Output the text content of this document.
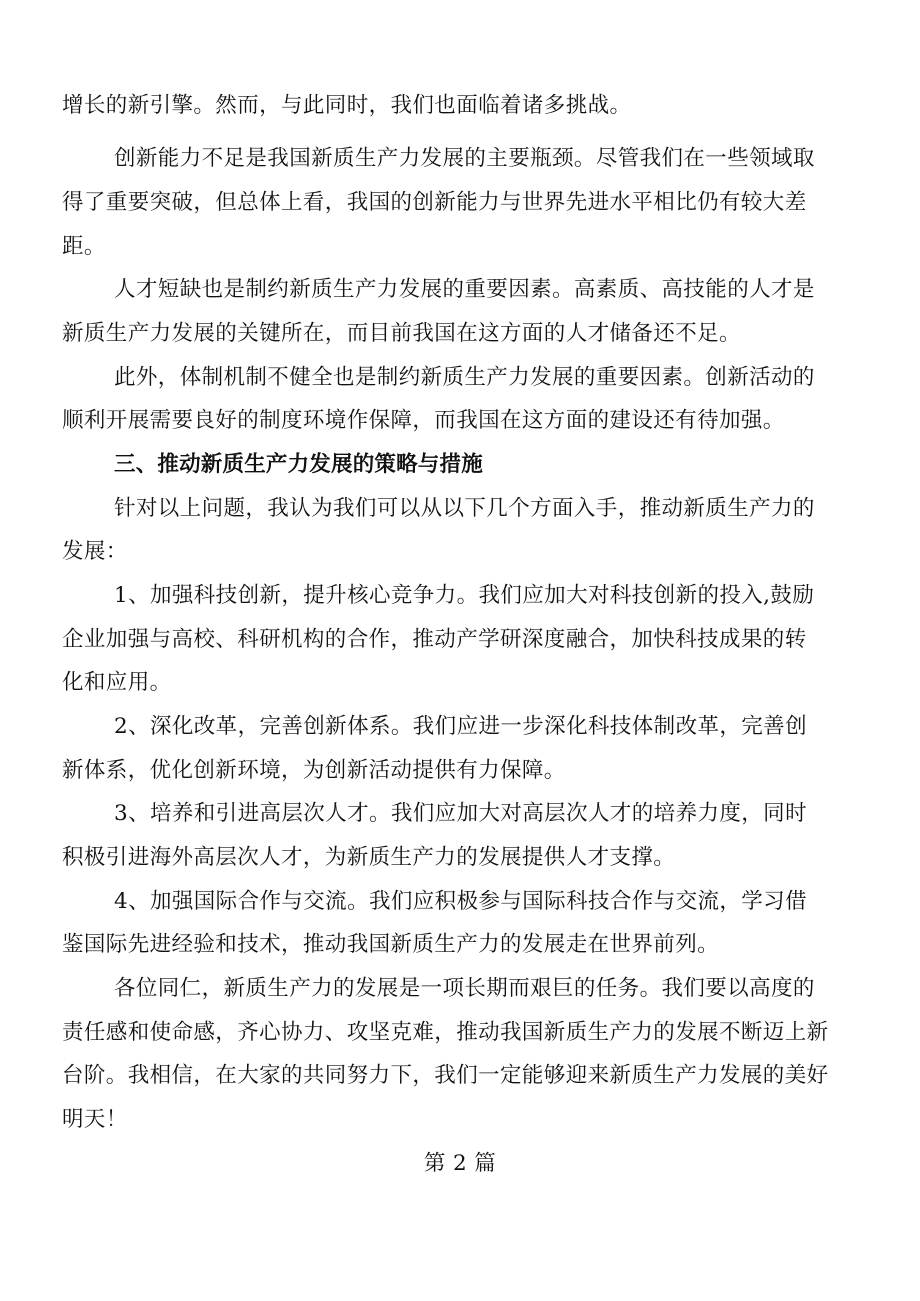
增长的新引擎。然而，与此同时，我们也面临着诸多挑战。
创新能力不足是我国新质生产力发展的主要瓶颈。尽管我们在一些领域取
得了重要突破，但总体上看，我国的创新能力与世界先进水平相比仍有较大差
距。
人才短缺也是制约新质生产力发展的重要因素。高素质、高技能的人才是
新质生产力发展的关键所在，而目前我国在这方面的人才储备还不足。
此外，体制机制不健全也是制约新质生产力发展的重要因素。创新活动的
顺利开展需要良好的制度环境作保障，而我国在这方面的建设还有待加强。
三、推动新质生产力发展的策略与措施
针对以上问题，我认为我们可以从以下几个方面入手，推动新质生产力的
发展：
1、加强科技创新，提升核心竞争力。我们应加大对科技创新的投入,鼓励
企业加强与高校、科研机构的合作，推动产学研深度融合，加快科技成果的转
化和应用。
2、深化改革，完善创新体系。我们应进一步深化科技体制改革，完善创
新体系，优化创新环境，为创新活动提供有力保障。
3、培养和引进高层次人才。我们应加大对高层次人才的培养力度，同时
积极引进海外高层次人才，为新质生产力的发展提供人才支撑。
4、加强国际合作与交流。我们应积极参与国际科技合作与交流，学习借
鉴国际先进经验和技术，推动我国新质生产力的发展走在世界前列。
各位同仁，新质生产力的发展是一项长期而艰巨的任务。我们要以高度的
责任感和使命感，齐心协力、攻坚克难，推动我国新质生产力的发展不断迈上新
台阶。我相信，在大家的共同努力下，我们一定能够迎来新质生产力发展的美好
明天！
第 2 篇
